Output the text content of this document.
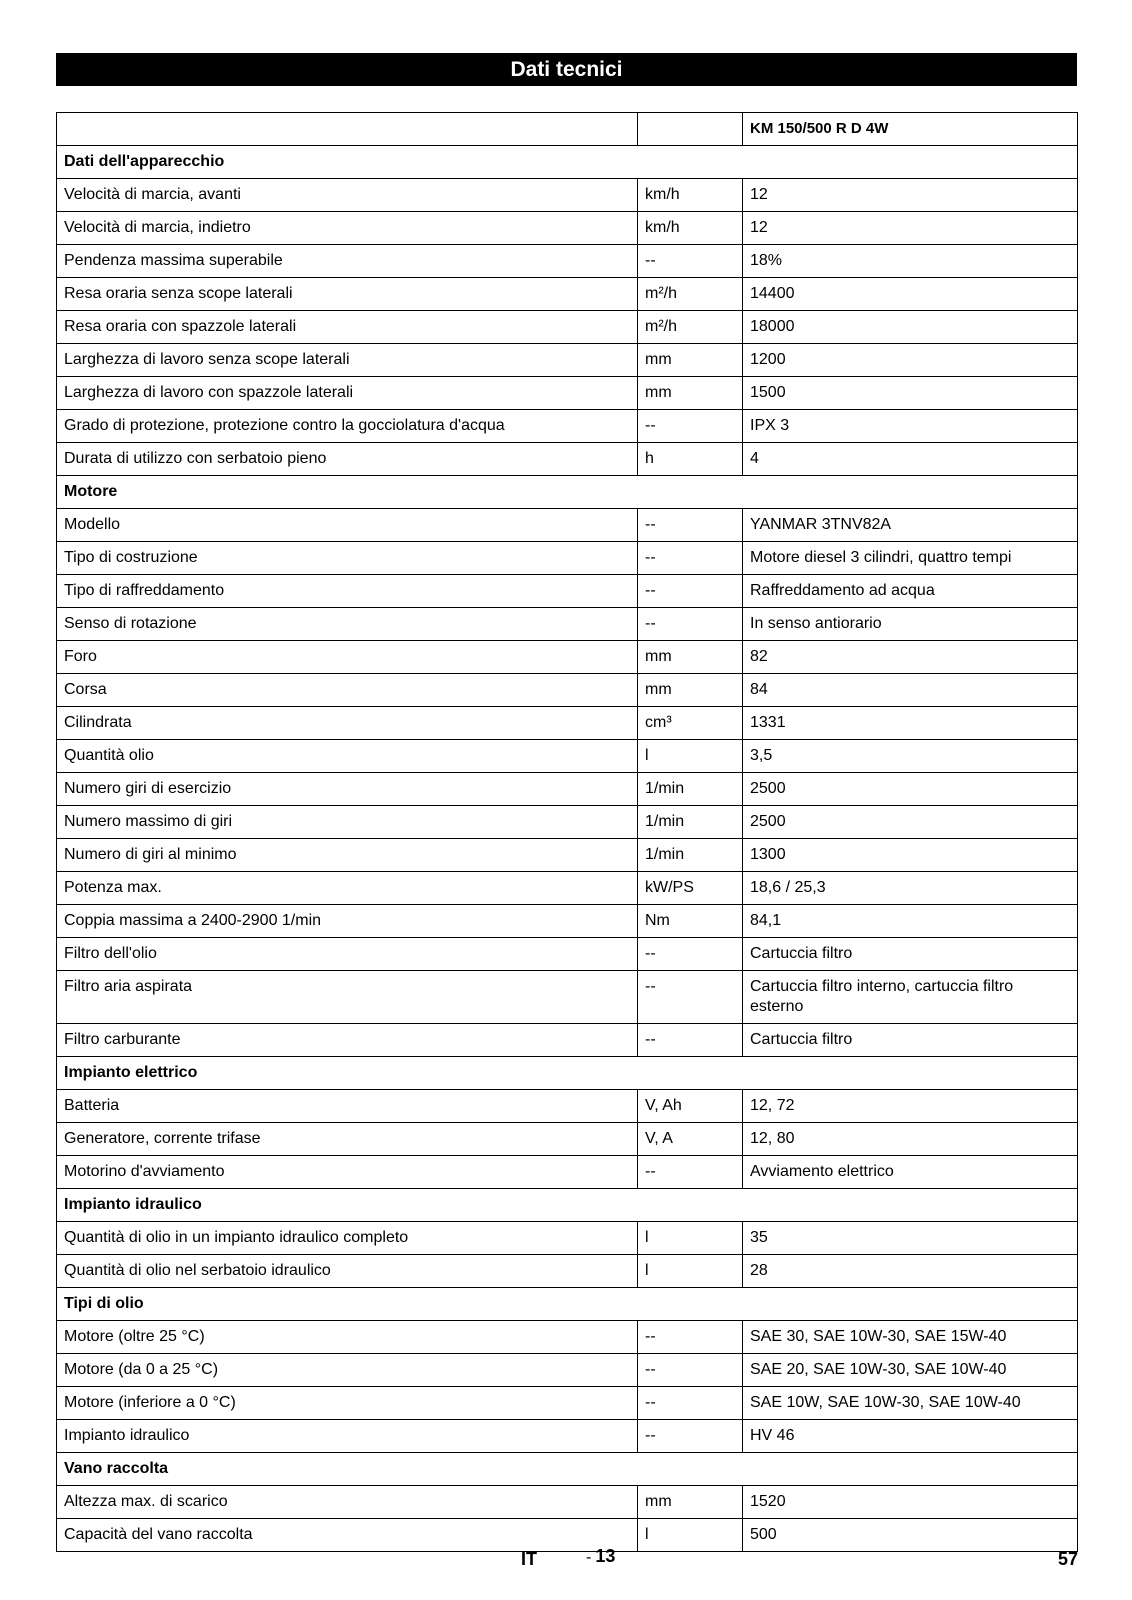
Dati tecnici
		KM 150/500 R D 4W
Dati dell'apparecchio		
Velocità di marcia, avanti	km/h	12
Velocità di marcia, indietro	km/h	12
Pendenza massima superabile	--	18%
Resa oraria senza scope laterali	m²/h	14400
Resa oraria con spazzole laterali	m²/h	18000
Larghezza di lavoro senza scope laterali	mm	1200
Larghezza di lavoro con spazzole laterali	mm	1500
Grado di protezione, protezione contro la gocciolatura d'acqua	--	IPX 3
Durata di utilizzo con serbatoio pieno	h	4
Motore		
Modello	--	YANMAR 3TNV82A
Tipo di costruzione	--	Motore diesel 3 cilindri, quattro tempi
Tipo di raffreddamento	--	Raffreddamento ad acqua
Senso di rotazione	--	In senso antiorario
Foro	mm	82
Corsa	mm	84
Cilindrata	cm³	1331
Quantità olio	l	3,5
Numero giri di esercizio	1/min	2500
Numero massimo di giri	1/min	2500
Numero di giri al minimo	1/min	1300
Potenza max.	kW/PS	18,6 / 25,3
Coppia massima a 2400-2900 1/min	Nm	84,1
Filtro dell'olio	--	Cartuccia filtro
Filtro aria aspirata	--	Cartuccia filtro interno, cartuccia filtro esterno
Filtro carburante	--	Cartuccia filtro
Impianto elettrico		
Batteria	V, Ah	12, 72
Generatore, corrente trifase	V, A	12, 80
Motorino d'avviamento	--	Avviamento elettrico
Impianto idraulico		
Quantità di olio in un impianto idraulico completo	l	35
Quantità di olio nel serbatoio idraulico	l	28
Tipi di olio		
Motore (oltre 25 °C)	--	SAE 30, SAE 10W-30, SAE 15W-40
Motore (da 0 a 25 °C)	--	SAE 20, SAE 10W-30, SAE 10W-40
Motore (inferiore a 0 °C)	--	SAE 10W, SAE 10W-30, SAE 10W-40
Impianto idraulico	--	HV 46
Vano raccolta		
Altezza max. di scarico	mm	1520
Capacità del vano raccolta	l	500
IT	- 13	57
